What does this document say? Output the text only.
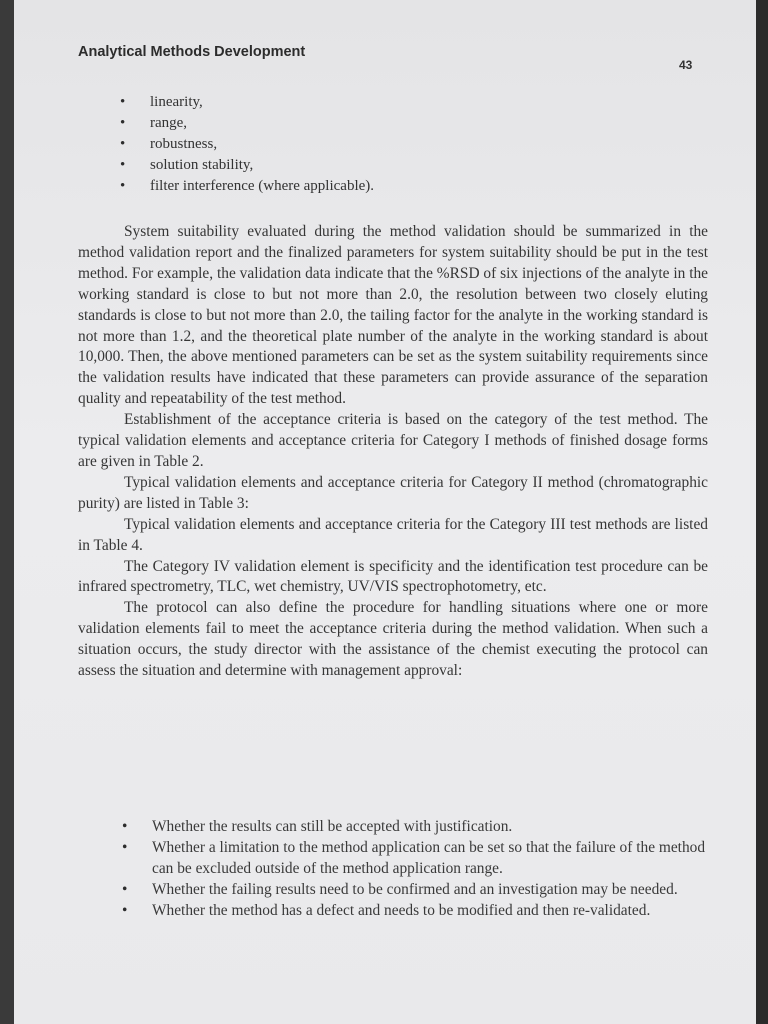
Analytical Methods Development
43
• linearity,
• range,
• robustness,
• solution stability,
• filter interference (where applicable).

System suitability evaluated during the method validation should be summarized in the method validation report and the finalized parameters for system suitability should be put in the test method. For example, the validation data indicate that the %RSD of six injections of the analyte in the working standard is close to but not more than 2.0, the resolution between two closely eluting standards is close to but not more than 2.0, the tailing factor for the analyte in the working standard is not more than 1.2, and the theoretical plate number of the analyte in the working standard is about 10,000. Then, the above mentioned parameters can be set as the system suitability requirements since the validation results have indicated that these parameters can provide assurance of the separation quality and repeatability of the test method.

Establishment of the acceptance criteria is based on the category of the test method. The typical validation elements and acceptance criteria for Category I methods of finished dosage forms are given in Table 2.

Typical validation elements and acceptance criteria for Category II method (chromatographic purity) are listed in Table 3:

Typical validation elements and acceptance criteria for the Category III test methods are listed in Table 4.

The Category IV validation element is specificity and the identification test procedure can be infrared spectrometry, TLC, wet chemistry, UV/VIS spectrophotometry, etc.

The protocol can also define the procedure for handling situations where one or more validation elements fail to meet the acceptance criteria during the method validation. When such a situation occurs, the study director with the assistance of the chemist executing the protocol can assess the situation and determine with management approval:

• Whether the results can still be accepted with justification.
• Whether a limitation to the method application can be set so that the failure of the method can be excluded outside of the method application range.
• Whether the failing results need to be confirmed and an investigation may be needed.
• Whether the method has a defect and needs to be modified and then re-validated.
